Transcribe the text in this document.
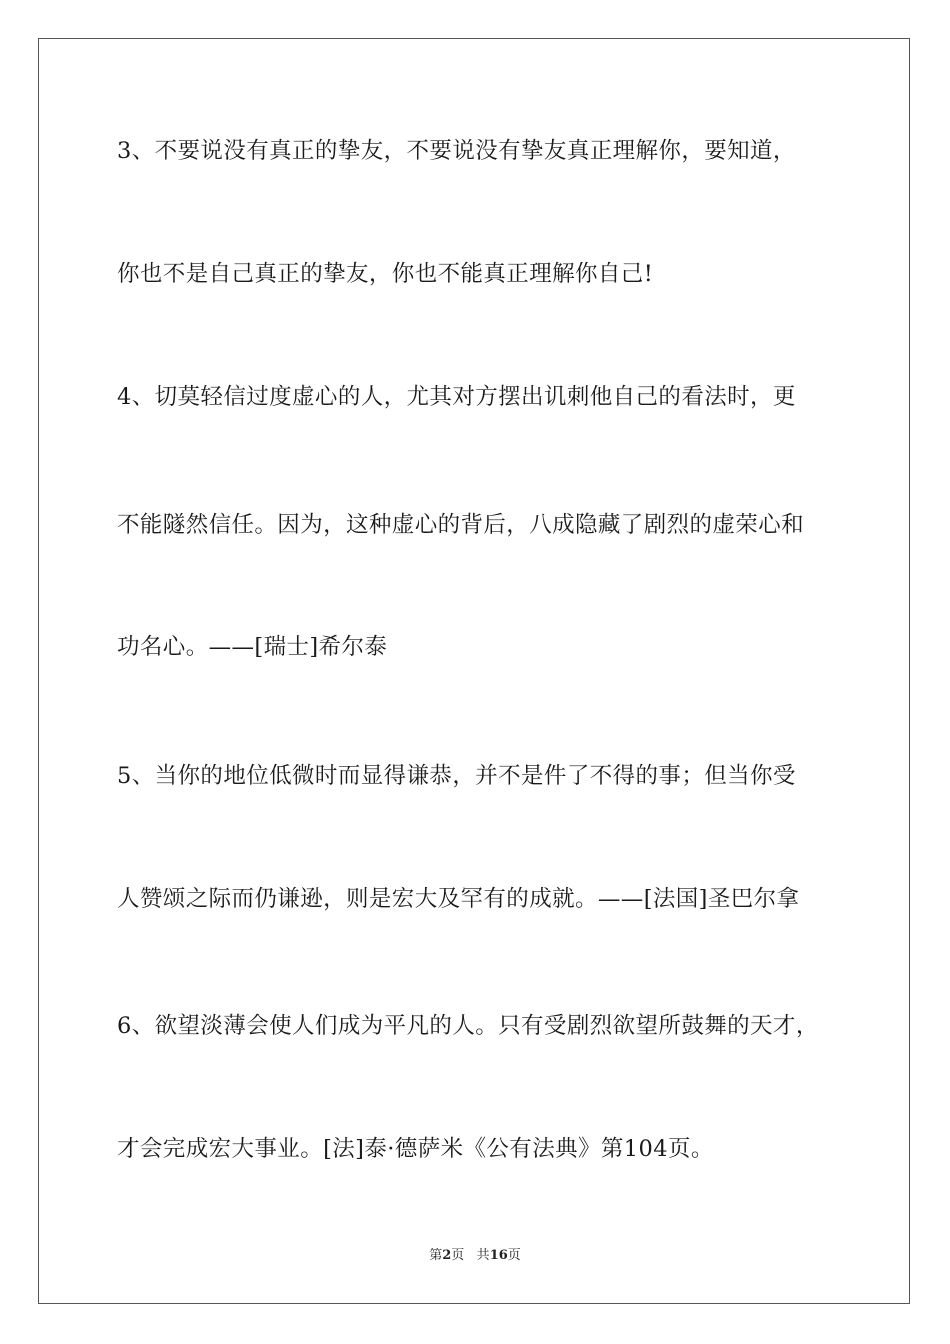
3、不要说没有真正的挚友，不要说没有挚友真正理解你，要知道，
你也不是自己真正的挚友，你也不能真正理解你自己!
4、切莫轻信过度虚心的人，尤其对方摆出讥刺他自己的看法时，更
不能隧然信任。因为，这种虚心的背后，八成隐藏了剧烈的虚荣心和
功名心。——[瑞士]希尔泰
5、当你的地位低微时而显得谦恭，并不是件了不得的事；但当你受
人赞颂之际而仍谦逊，则是宏大及罕有的成就。——[法国]圣巴尔拿
6、欲望淡薄会使人们成为平凡的人。只有受剧烈欲望所鼓舞的天才，
才会完成宏大事业。[法]泰·德萨米《公有法典》第104页。
第2页 共16页
